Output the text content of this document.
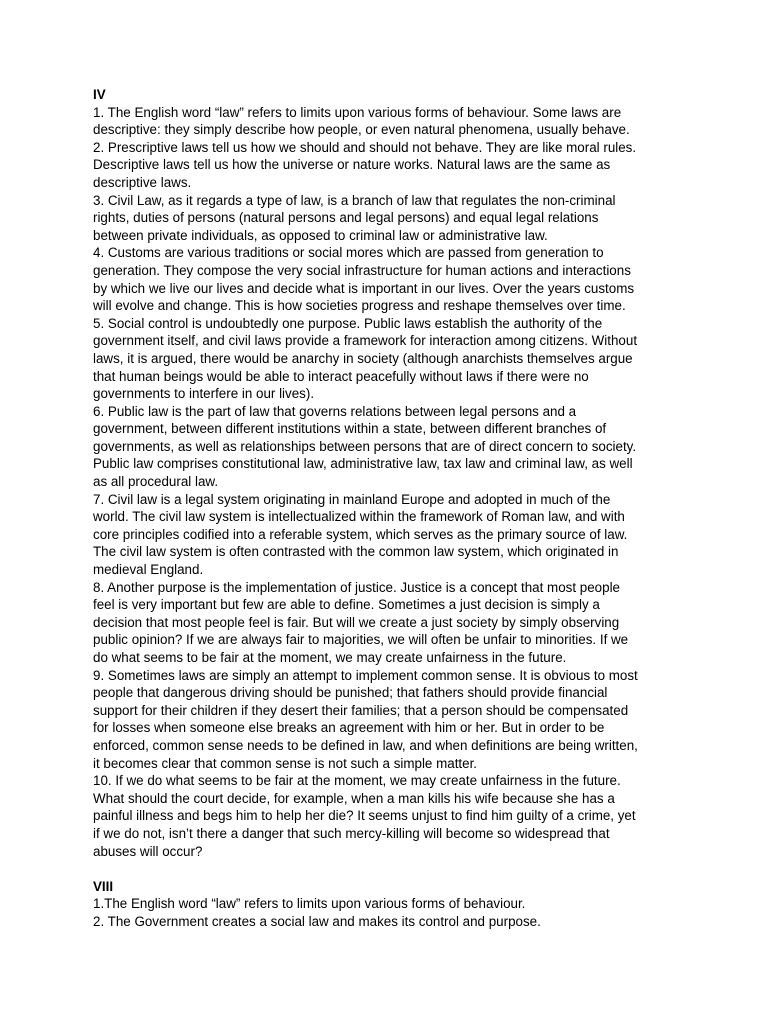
IV
1. The English word “law” refers to limits upon various forms of behaviour. Some laws are
descriptive: they simply describe how people, or even natural phenomena, usually behave.
2. Prescriptive laws tell us how we should and should not behave. They are like moral rules.
Descriptive laws tell us how the universe or nature works. Natural laws are the same as
descriptive laws.
3. Civil Law, as it regards a type of law, is a branch of law that regulates the non-criminal
rights, duties of persons (natural persons and legal persons) and equal legal relations
between private individuals, as opposed to criminal law or administrative law.
4. Customs are various traditions or social mores which are passed from generation to
generation. They compose the very social infrastructure for human actions and interactions
by which we live our lives and decide what is important in our lives. Over the years customs
will evolve and change. This is how societies progress and reshape themselves over time.
5. Social control is undoubtedly one purpose. Public laws establish the authority of the
government itself, and civil laws provide a framework for interaction among citizens. Without
laws, it is argued, there would be anarchy in society (although anarchists themselves argue
that human beings would be able to interact peacefully without laws if there were no
governments to interfere in our lives).
6. Public law is the part of law that governs relations between legal persons and a
government, between different institutions within a state, between different branches of
governments, as well as relationships between persons that are of direct concern to society.
Public law comprises constitutional law, administrative law, tax law and criminal law, as well
as all procedural law.
7. Civil law is a legal system originating in mainland Europe and adopted in much of the
world. The civil law system is intellectualized within the framework of Roman law, and with
core principles codified into a referable system, which serves as the primary source of law.
The civil law system is often contrasted with the common law system, which originated in
medieval England.
8. Another purpose is the implementation of justice. Justice is a concept that most people
feel is very important but few are able to define. Sometimes a just decision is simply a
decision that most people feel is fair. But will we create a just society by simply observing
public opinion? If we are always fair to majorities, we will often be unfair to minorities. If we
do what seems to be fair at the moment, we may create unfairness in the future.
9. Sometimes laws are simply an attempt to implement common sense. It is obvious to most
people that dangerous driving should be punished; that fathers should provide financial
support for their children if they desert their families; that a person should be compensated
for losses when someone else breaks an agreement with him or her. But in order to be
enforced, common sense needs to be defined in law, and when definitions are being written,
it becomes clear that common sense is not such a simple matter.
10. If we do what seems to be fair at the moment, we may create unfairness in the future.
What should the court decide, for example, when a man kills his wife because she has a
painful illness and begs him to help her die? It seems unjust to find him guilty of a crime, yet
if we do not, isn’t there a danger that such mercy-killing will become so widespread that
abuses will occur?
VIII
1.The English word “law” refers to limits upon various forms of behaviour.
2. The Government creates a social law and makes its control and purpose.
